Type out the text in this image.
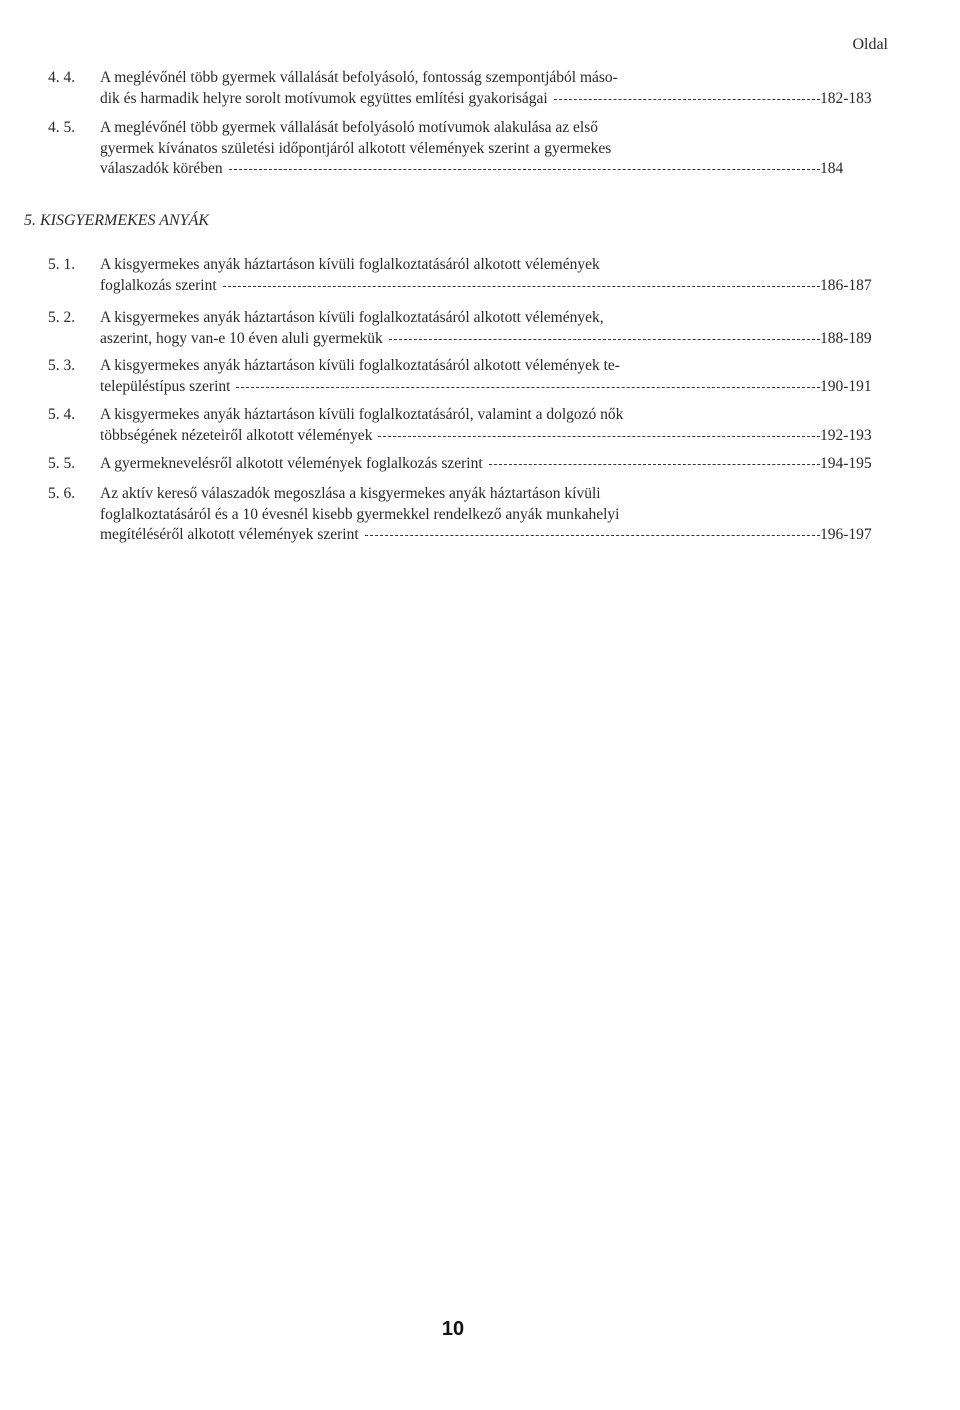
Oldal
4. 4.	A meglévőnél több gyermek vállalását befolyásoló, fontosság szempontjából máso-
dik és harmadik helyre sorolt motívumok együttes említési gyakoriságai	182-183
4. 5.	A meglévőnél több gyermek vállalását befolyásoló motívumok alakulása az első
gyermek kívánatos születési időpontjáról alkotott vélemények szerint a gyermekes
válaszadók körében	184
5. KISGYERMEKES ANYÁK
5. 1.	A kisgyermekes anyák háztartáson kívüli foglalkoztatásáról alkotott vélemények
foglalkozás szerint	186-187
5. 2.	A kisgyermekes anyák háztartáson kívüli foglalkoztatásáról alkotott vélemények,
aszerint, hogy van-e 10 éven aluli gyermekük	188-189
5. 3.	A kisgyermekes anyák háztartáson kívüli foglalkoztatásáról alkotott vélemények te-
településtípus szerint	190-191
5. 4.	A kisgyermekes anyák háztartáson kívüli foglalkoztatásáról, valamint a dolgozó nők
többségének nézeteiről alkotott vélemények	192-193
5. 5.	A gyermeknevelésről alkotott vélemények foglalkozás szerint	194-195
5. 6.	Az aktív kereső válaszadók megoszlása a kisgyermekes anyák háztartáson kívüli
foglalkoztatásáról és a 10 évesnél kisebb gyermekkel rendelkező anyák munkahelyi
megítéléséről alkotott vélemények szerint	196-197
10
